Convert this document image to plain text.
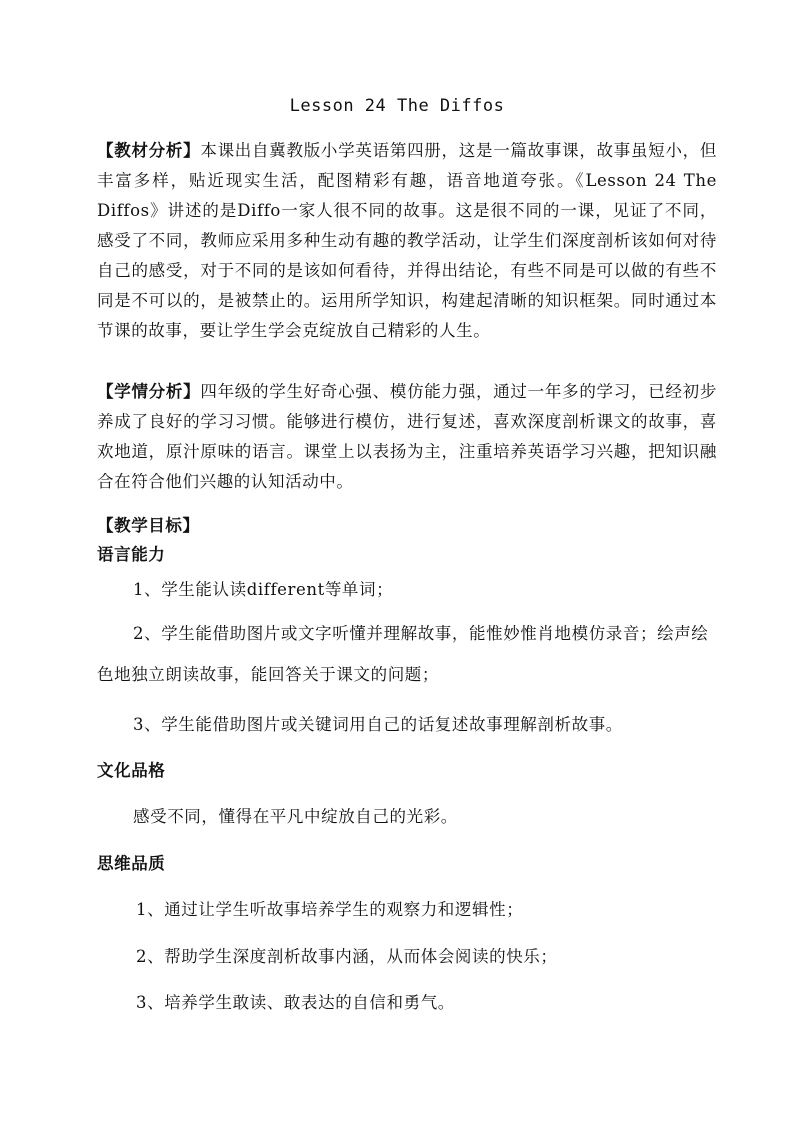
Lesson 24 The Diffos
【教材分析】本课出自冀教版小学英语第四册，这是一篇故事课，故事虽短小，但丰富多样，贴近现实生活，配图精彩有趣，语音地道夸张。《Lesson 24 The Diffos》讲述的是Diffo一家人很不同的故事。这是很不同的一课，见证了不同，感受了不同，教师应采用多种生动有趣的教学活动，让学生们深度剖析该如何对待自己的感受，对于不同的是该如何看待，并得出结论，有些不同是可以做的有些不同是不可以的，是被禁止的。运用所学知识，构建起清晰的知识框架。同时通过本节课的故事，要让学生学会克绽放自己精彩的人生。
【学情分析】四年级的学生好奇心强、模仿能力强，通过一年多的学习，已经初步养成了良好的学习习惯。能够进行模仿，进行复述，喜欢深度剖析课文的故事，喜欢地道，原汁原味的语言。课堂上以表扬为主，注重培养英语学习兴趣，把知识融合在符合他们兴趣的认知活动中。
【教学目标】
语言能力
1、学生能认读different等单词；
2、学生能借助图片或文字听懂并理解故事，能惟妙惟肖地模仿录音；绘声绘色地独立朗读故事，能回答关于课文的问题；
3、学生能借助图片或关键词用自己的话复述故事理解剖析故事。
文化品格
感受不同，懂得在平凡中绽放自己的光彩。
思维品质
1、通过让学生听故事培养学生的观察力和逻辑性；
2、帮助学生深度剖析故事内涵，从而体会阅读的快乐；
3、培养学生敢读、敢表达的自信和勇气。
